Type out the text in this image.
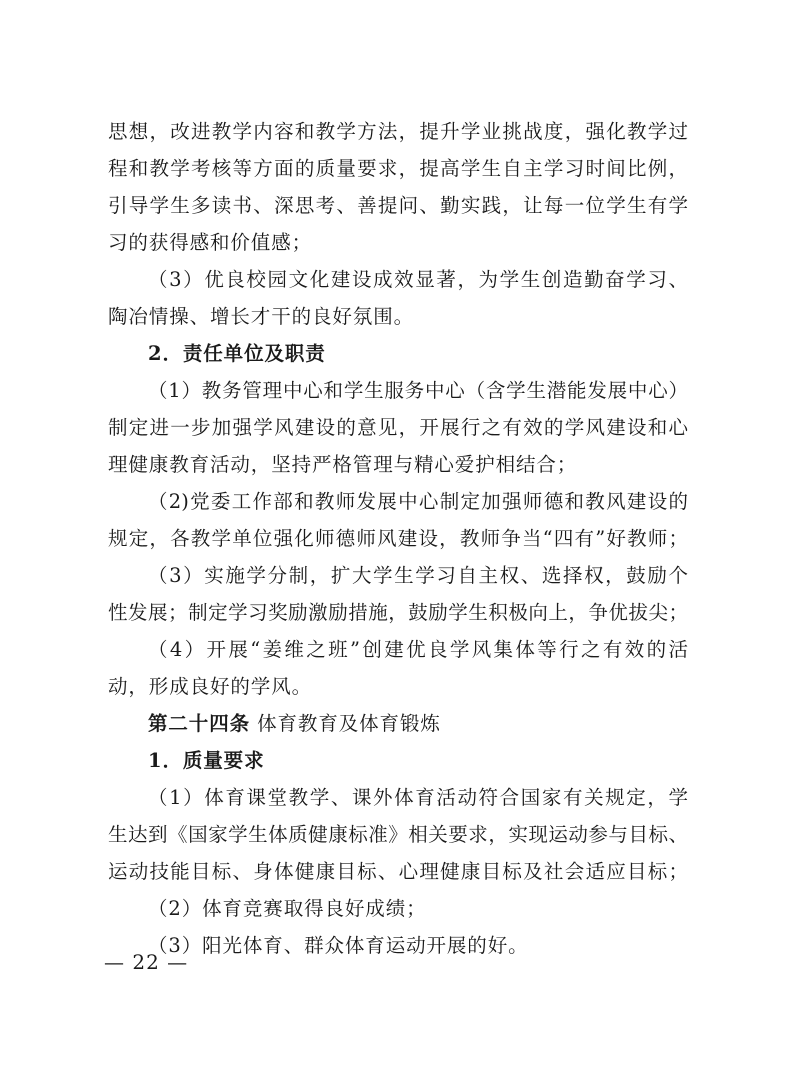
思想，改进教学内容和教学方法，提升学业挑战度，强化教学过
程和教学考核等方面的质量要求，提高学生自主学习时间比例，
引导学生多读书、深思考、善提问、勤实践，让每一位学生有学
习的获得感和价值感；
（3）优良校园文化建设成效显著，为学生创造勤奋学习、
陶冶情操、增长才干的良好氛围。
2．责任单位及职责
（1）教务管理中心和学生服务中心（含学生潜能发展中心）
制定进一步加强学风建设的意见，开展行之有效的学风建设和心
理健康教育活动，坚持严格管理与精心爱护相结合；
（2)党委工作部和教师发展中心制定加强师德和教风建设的
规定，各教学单位强化师德师风建设，教师争当“四有”好教师；
（3）实施学分制，扩大学生学习自主权、选择权，鼓励个
性发展；制定学习奖励激励措施，鼓励学生积极向上，争优拔尖；
（4）开展“姜维之班”创建优良学风集体等行之有效的活
动，形成良好的学风。
第二十四条 体育教育及体育锻炼
1．质量要求
（1）体育课堂教学、课外体育活动符合国家有关规定，学
生达到《国家学生体质健康标准》相关要求，实现运动参与目标、
运动技能目标、身体健康目标、心理健康目标及社会适应目标；
（2）体育竞赛取得良好成绩；
（3）阳光体育、群众体育运动开展的好。
— 22 —
